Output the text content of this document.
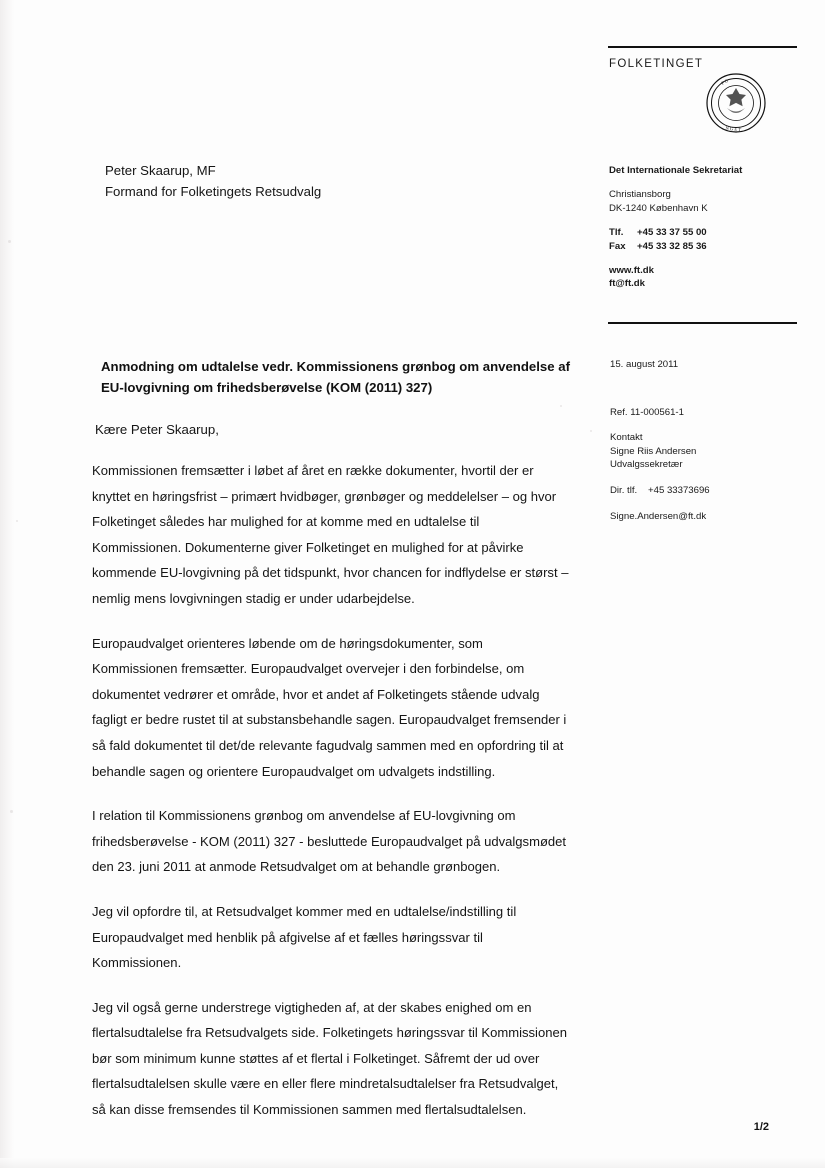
FOLKETINGET
F O
N G E T
Peter Skaarup, MF
Formand for Folketingets Retsudvalg
Det Internationale Sekretariat
Christiansborg
DK-1240 København K
Tlf.	+45 33 37 55 00
Fax	+45 33 32 85 36
www.ft.dk
ft@ft.dk
15. august 2011
Ref. 11-000561-1
Kontakt
Signe Riis Andersen
Udvalgssekretær
Dir. tlf.	+45 33373696
Signe.Andersen@ft.dk
Anmodning om udtalelse vedr. Kommissionens grønbog om anvendelse af EU-lovgivning om frihedsberøvelse (KOM (2011) 327)
Kære Peter Skaarup,

Kommissionen fremsætter i løbet af året en række dokumenter, hvortil der er knyttet en høringsfrist – primært hvidbøger, grønbøger og meddelelser – og hvor Folketinget således har mulighed for at komme med en udtalelse til Kommissionen. Dokumenterne giver Folketinget en mulighed for at påvirke kommende EU-lovgivning på det tidspunkt, hvor chancen for indflydelse er størst – nemlig mens lovgivningen stadig er under udarbejdelse.

Europaudvalget orienteres løbende om de høringsdokumenter, som Kommissionen fremsætter. Europaudvalget overvejer i den forbindelse, om dokumentet vedrører et område, hvor et andet af Folketingets stående udvalg fagligt er bedre rustet til at substansbehandle sagen. Europaudvalget fremsender i så fald dokumentet til det/de relevante fagudvalg sammen med en opfordring til at behandle sagen og orientere Europaudvalget om udvalgets indstilling.

I relation til Kommissionens grønbog om anvendelse af EU-lovgivning om frihedsberøvelse - KOM (2011) 327 - besluttede Europaudvalget på udvalgsmødet den 23. juni 2011 at anmode Retsudvalget om at behandle grønbogen.

Jeg vil opfordre til, at Retsudvalget kommer med en udtalelse/indstilling til Europaudvalget med henblik på afgivelse af et fælles høringssvar til Kommissionen.

Jeg vil også gerne understrege vigtigheden af, at der skabes enighed om en flertalsudtalelse fra Retsudvalgets side. Folketingets høringssvar til Kommissionen bør som minimum kunne støttes af et flertal i Folketinget. Såfremt der ud over flertalsudtalelsen skulle være en eller flere mindretalsudtalelser fra Retsudvalget, så kan disse fremsendes til Kommissionen sammen med flertalsudtalelsen.

1/2
